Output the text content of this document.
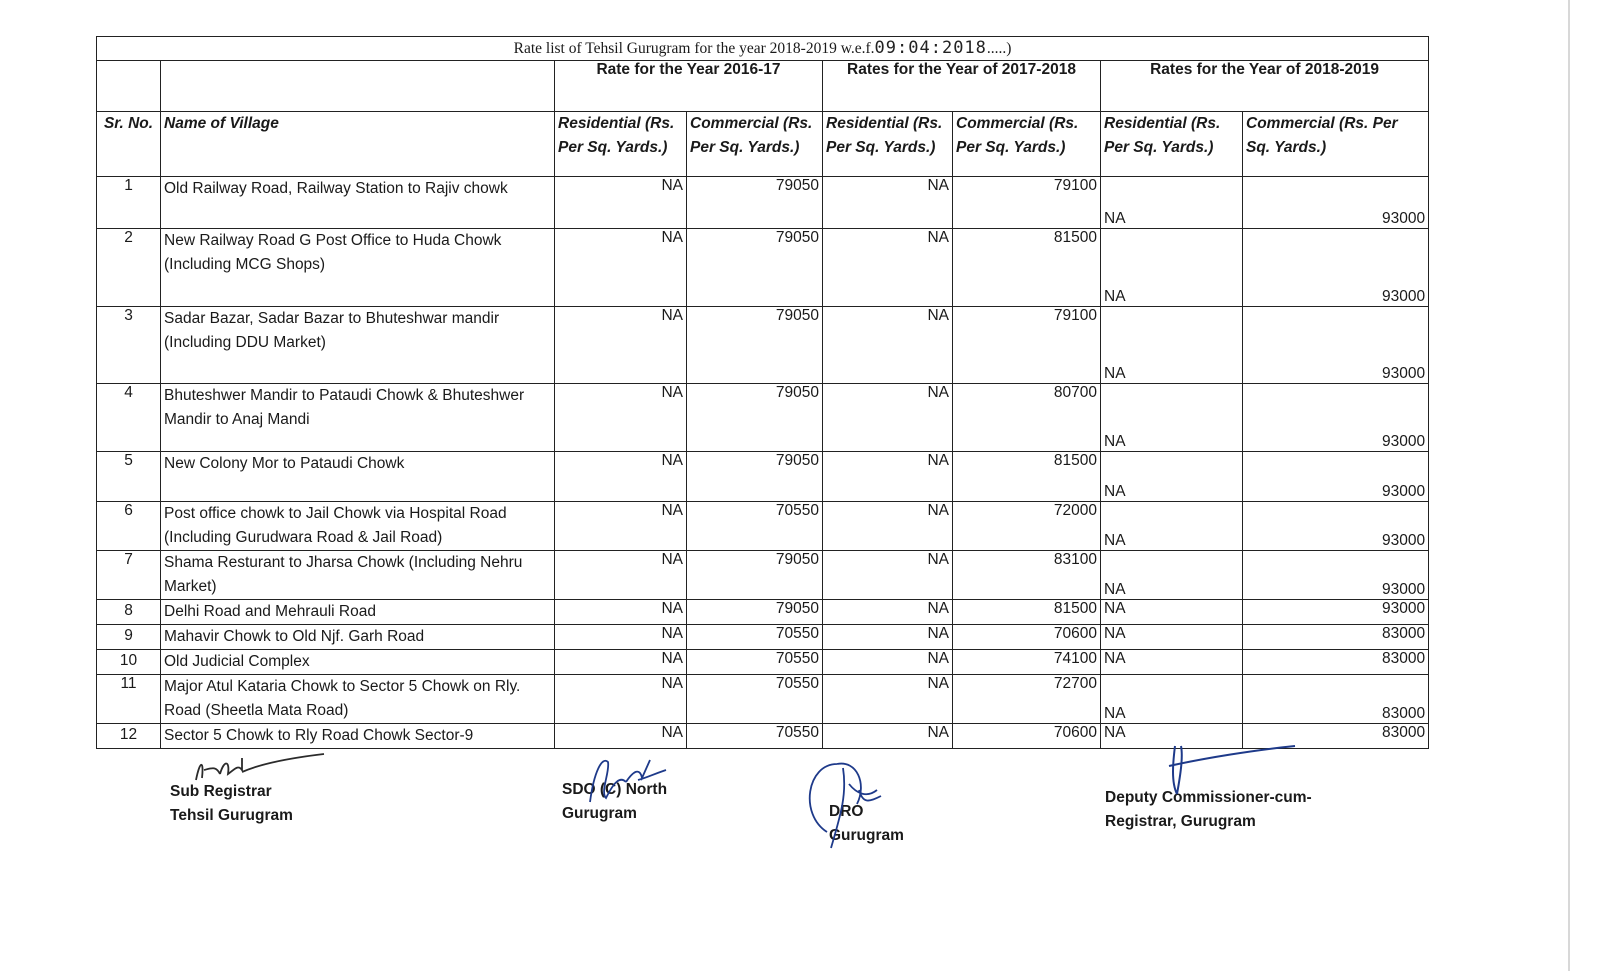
Rate list of Tehsil Gurugram for the year 2018-2019 w.e.f.09:04:2018.....)							
		Rate for the Year 2016-17		Rates for the Year of 2017-2018		Rates for the Year of 2018-2019	
Sr. No.	Name of Village	Residential (Rs. Per Sq. Yards.)	Commercial (Rs. Per Sq. Yards.)	Residential (Rs. Per Sq. Yards.)	Commercial (Rs. Per Sq. Yards.)	Residential (Rs. Per Sq. Yards.)	Commercial (Rs. Per Sq. Yards.)
1	Old Railway Road, Railway Station to Rajiv chowk	NA	79050	NA	79100	NA	93000
2	New Railway Road G Post Office to Huda Chowk (Including MCG Shops)	NA	79050	NA	81500	NA	93000
3	Sadar Bazar, Sadar Bazar to Bhuteshwar mandir (Including DDU Market)	NA	79050	NA	79100	NA	93000
4	Bhuteshwer Mandir to Pataudi Chowk & Bhuteshwer Mandir to Anaj Mandi	NA	79050	NA	80700	NA	93000
5	New Colony Mor to Pataudi Chowk	NA	79050	NA	81500	NA	93000
6	Post office chowk to Jail Chowk via Hospital Road (Including Gurudwara Road & Jail Road)	NA	70550	NA	72000	NA	93000
7	Shama Resturant to Jharsa Chowk (Including Nehru Market)	NA	79050	NA	83100	NA	93000
8	Delhi Road and Mehrauli Road	NA	79050	NA	81500	NA	93000
9	Mahavir Chowk to Old Njf. Garh Road	NA	70550	NA	70600	NA	83000
10	Old Judicial Complex	NA	70550	NA	74100	NA	83000
11	Major Atul Kataria Chowk to Sector 5 Chowk on Rly. Road (Sheetla Mata Road)	NA	70550	NA	72700	NA	83000
12	Sector 5 Chowk to Rly Road Chowk Sector-9	NA	70550	NA	70600	NA	83000
Sub Registrar
Tehsil Gurugram
SDO (C) North
Gurugram	DRO
Gurugram
Deputy Commissioner-cum-
Registrar, Gurugram
